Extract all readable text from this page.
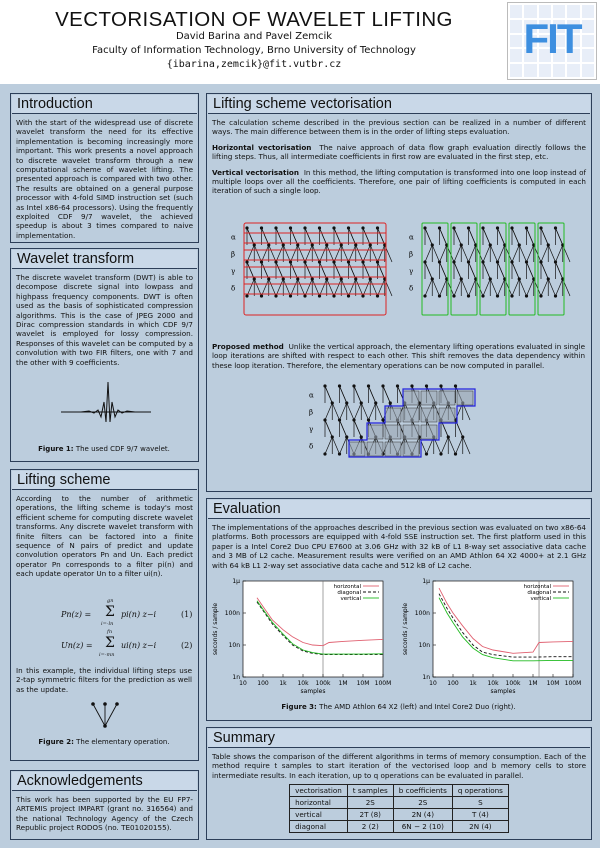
VECTORISATION OF WAVELET LIFTING
David Barina and Pavel Zemcik
Faculty of Information Technology, Brno University of Technology
{ibarina,zemcik}@fit.vutbr.cz
FIT
Introduction

With the start of the widespread use of discrete wavelet transform the need for its effective implementation is becoming increasingly more important. This work presents a novel approach to discrete wavelet transform through a new computational scheme of wavelet lifting. The presented approach is compared with two other. The results are obtained on a general purpose processor with 4-fold SIMD instruction set (such as Intel x86-64 processors). Using the frequently exploited CDF 9/7 wavelet, the achieved speedup is about 3 times compared to naive implementation.

Wavelet transform

The discrete wavelet transform (DWT) is able to decompose discrete signal into lowpass and highpass frequency components. DWT is often used as the basis of sophisticated compression algorithms. This is the case of JPEG 2000 and Dirac compression standards in which CDF 9/7 wavelet is employed for lossy compression. Responses of this wavelet can be computed by a convolution with two FIR filters, one with 7 and the other with 9 coefficients.

Figure 1: The used CDF 9/7 wavelet.
Lifting scheme

According to the number of arithmetic operations, the lifting scheme is today's most efficient scheme for computing discrete wavelet transforms. Any discrete wavelet transform with finite filters can be factored into a finite sequence of N pairs of predict and update convolution operators Pn and Un. Each predict operator Pn corresponds to a filter pi(n) and each update operator Un to a filter ui(n).

Pn(z) =
gn
Σ
i=-ln
pi(n) z−i	(1)
Un(z) =
fn
Σ
i=-mn
ui(n) z−i	(2)

In this example, the individual lifting steps use 2-tap symmetric filters for the prediction as well as the update.

Figure 2: The elementary operation.
Acknowledgements

This work has been supported by the EU FP7-ARTEMIS project IMPART (grant no. 316564) and the national Technology Agency of the Czech Republic project RODOS (no. TE01020155).

Lifting scheme vectorisation

The calculation scheme described in the previous section can be realized in a number of different ways. The main difference between them is in the order of lifting steps evaluation.

Horizontal vectorisation The naive approach of data flow graph evaluation directly follows the lifting steps. Thus, all intermediate coefficients in first row are evaluated in the first step, etc.

Vertical vectorisation In this method, the lifting computation is transformed into one loop instead of multiple loops over all the coefficients. Therefore, one pair of lifting coefficients is computed in each iteration of such a single loop.

α
β
γ
δ
α
β
γ
δ

Proposed method Unlike the vertical approach, the elementary lifting operations evaluated in single loop iterations are shifted with respect to each other. This shift removes the data dependency within these loop iteration. Therefore, the elementary operations can be now computed in parallel.

α
β
γ
δ
Evaluation

The implementations of the approaches described in the previous section was evaluated on two x86-64 platforms. Both processors are equipped with 4-fold SSE instruction set. The first platform used in this paper is a Intel Core2 Duo CPU E7600 at 3.06 GHz with 32 kB of L1 8-way set associative data cache and 3 MB of L2 cache. Measurement results were verified on an AMD Athlon 64 X2 4000+ at 2.1 GHz with 64 kB L1 2-way set associative data cache and 512 kB of L2 cache.

10 100 1k 10k 100k 1M 10M 100M
1n
10n
100n
1µ
samples
seconds / sample
horizontal
diagonal
vertical
10 100 1k 10k 100k 1M 10M 100M
1n
10n
100n
1µ
samples
seconds / sample
horizontal
diagonal
vertical
Figure 3: The AMD Athlon 64 X2 (left) and Intel Core2 Duo (right).
Summary

Table shows the comparison of the different algorithms in terms of memory consumption. Each of the method require t samples to start iteration of the vectorised loop and b memory cells to store intermediate results. In each iteration, up to q operations can be evaluated in parallel.

vectorisation	t samples	b coefficients	q operations
horizontal	2S	2S	S
vertical	2T (8)	2N (4)	T (4)
diagonal	2 (2)	6N − 2 (10)	2N (4)
